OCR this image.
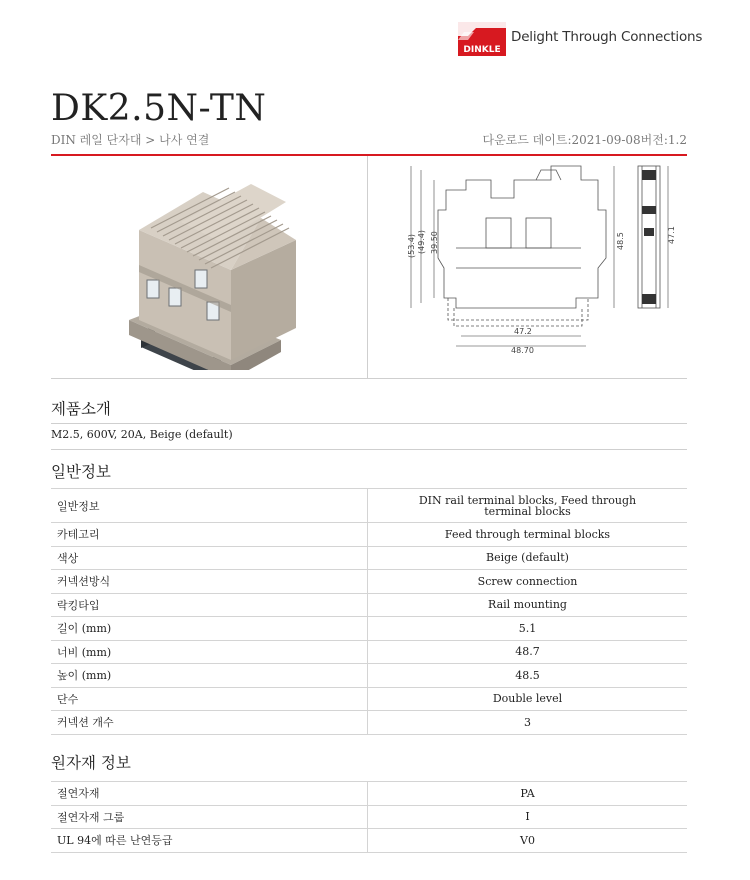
DINKLE
Delight Through Connections
DK2.5N-TN
DIN 레일 단자대 > 나사 연결	다운로드 데이트:2021-09-08버전:1.2
(53.4) (49.4) 39.50	48.5
47.2
48.70
47.1
제품소개
M2.5, 600V, 20A, Beige (default)
일반정보
일반정보	DIN rail terminal blocks, Feed through terminal blocks
카테고리	Feed through terminal blocks
색상	Beige (default)
커넥션방식	Screw connection
락킹타입	Rail mounting
길이 (mm)	5.1
너비 (mm)	48.7
높이 (mm)	48.5
단수	Double level
커넥션 개수	3
원자재 정보
절연자재	PA
절연자재 그룹	I
UL 94에 따른 난연등급	V0
